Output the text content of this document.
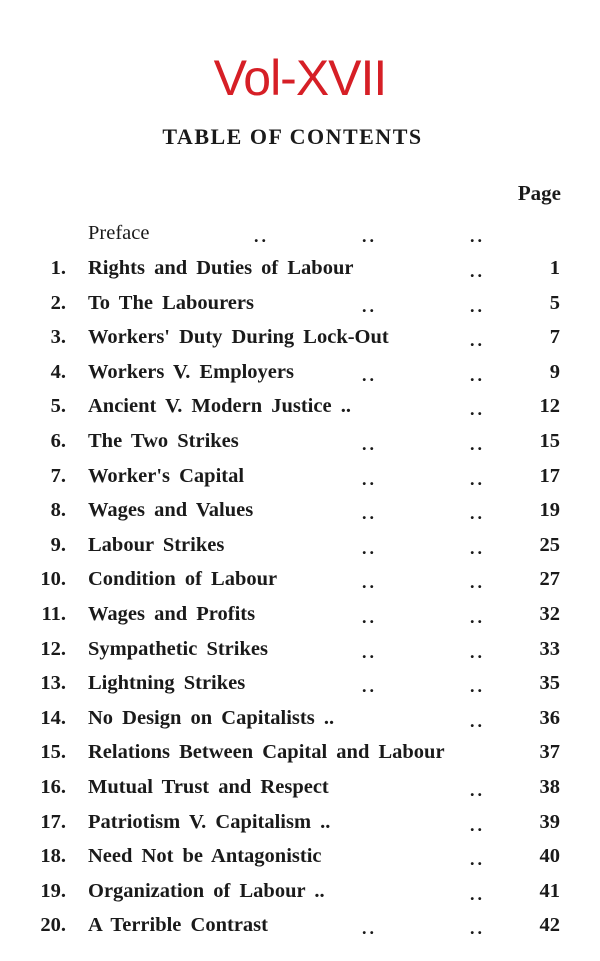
Vol-XVII
TABLE OF CONTENTS
Page
Preface	..	..	..
1. Rights and Duties of Labour	..	1
2. To The Labourers	..	..	5
3. Workers' Duty During Lock-Out	..	7
4. Workers V. Employers	..	..	9
5. Ancient V. Modern Justice ..	..	12
6. The Two Strikes	..	..	15
7. Worker's Capital	..	..	17
8. Wages and Values	..	..	19
9. Labour Strikes	..	..	25
10. Condition of Labour	..	..	27
11. Wages and Profits	..	..	32
12. Sympathetic Strikes	..	..	33
13. Lightning Strikes	..	..	35
14. No Design on Capitalists ..	..	36
15. Relations Between Capital and Labour	37
16. Mutual Trust and Respect	..	38
17. Patriotism V. Capitalism ..	..	39
18. Need Not be Antagonistic	..	40
19. Organization of Labour ..	..	41
20. A Terrible Contrast	..	..	42
